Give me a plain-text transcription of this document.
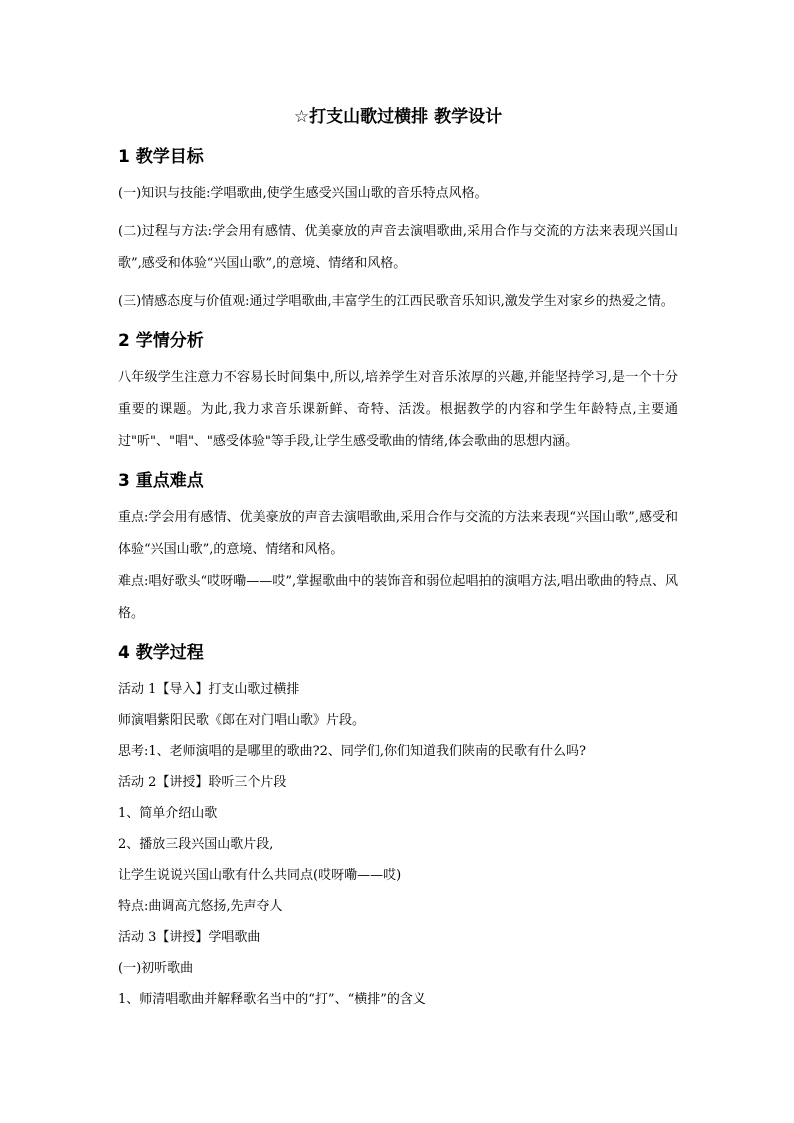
☆打支山歌过横排 教学设计
1 教学目标

(一)知识与技能:学唱歌曲,使学生感受兴国山歌的音乐特点风格。

(二)过程与方法:学会用有感情、优美豪放的声音去演唱歌曲,采用合作与交流的方法来表现兴国山歌”,感受和体验“兴国山歌”,的意境、情绪和风格。

(三)情感态度与价值观:通过学唱歌曲,丰富学生的江西民歌音乐知识,激发学生对家乡的热爱之情。

2 学情分析

八年级学生注意力不容易长时间集中,所以,培养学生对音乐浓厚的兴趣,并能坚持学习,是一个十分重要的课题。为此,我力求音乐课新鲜、奇特、活泼。根据教学的内容和学生年龄特点,主要通过"听"、"唱"、"感受体验"等手段,让学生感受歌曲的情绪,体会歌曲的思想内涵。

3 重点难点

重点:学会用有感情、优美豪放的声音去演唱歌曲,采用合作与交流的方法来表现“兴国山歌”,感受和体验“兴国山歌”,的意境、情绪和风格。

难点:唱好歌头“哎呀嘞——哎”,掌握歌曲中的装饰音和弱位起唱拍的演唱方法,唱出歌曲的特点、风格。

4 教学过程

活动 1【导入】打支山歌过横排

师演唱紫阳民歌《郎在对门唱山歌》片段。

思考:1、老师演唱的是哪里的歌曲?2、同学们,你们知道我们陕南的民歌有什么吗?

活动 2【讲授】聆听三个片段

1、简单介绍山歌

2、播放三段兴国山歌片段,

让学生说说兴国山歌有什么共同点(哎呀嘞——哎)

特点:曲调高亢悠扬,先声夺人

活动 3【讲授】学唱歌曲

(一)初听歌曲

1、师清唱歌曲并解释歌名当中的“打”、“横排”的含义
